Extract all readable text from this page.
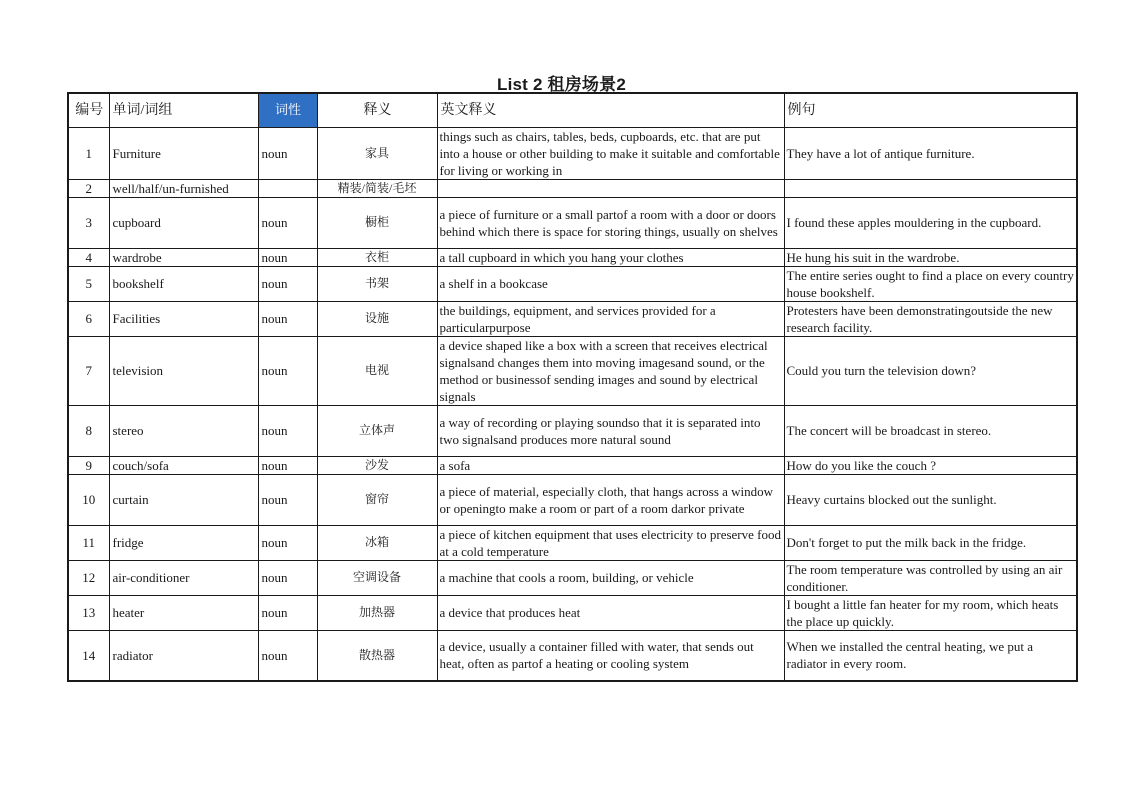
List 2 租房场景2
编号	单词/词组	词性	释义	英文释义	例句
1	Furniture	noun	家具	things such as chairs, tables, beds, cupboards, etc. that are put into a house or other building to make it suitable and comfortable for living or working in	They have a lot of antique furniture.
2	well/half/un-furnished		精装/简装/毛坯		
3	cupboard	noun	橱柜	a piece of furniture or a small partof a room with a door or doors behind which there is space for storing things, usually on shelves	I found these apples mouldering in the cupboard.
4	wardrobe	noun	衣柜	a tall cupboard in which you hang your clothes	He hung his suit in the wardrobe.
5	bookshelf	noun	书架	a shelf in a bookcase	The entire series ought to find a place on every country house bookshelf.
6	Facilities	noun	设施	the buildings, equipment, and services provided for a particularpurpose	Protesters have been demonstratingoutside the new research facility.
7	television	noun	电视	a device shaped like a box with a screen that receives electrical signalsand changes them into moving imagesand sound, or the method or businessof sending images and sound by electrical signals	Could you turn the television down?
8	stereo	noun	立体声	a way of recording or playing soundso that it is separated into two signalsand produces more natural sound	The concert will be broadcast in stereo.
9	couch/sofa	noun	沙发	a sofa	How do you like the couch ?
10	curtain	noun	窗帘	a piece of material, especially cloth, that hangs across a window or openingto make a room or part of a room darkor private	Heavy curtains blocked out the sunlight.
11	fridge	noun	冰箱	a piece of kitchen equipment that uses electricity to preserve food at a cold temperature	Don't forget to put the milk back in the fridge.
12	air-conditioner	noun	空调设备	a machine that cools a room, building, or vehicle	The room temperature was controlled by using an air conditioner.
13	heater	noun	加热器	a device that produces heat	I bought a little fan heater for my room, which heats the place up quickly.
14	radiator	noun	散热器	a device, usually a container filled with water, that sends out heat, often as partof a heating or cooling system	When we installed the central heating, we put a radiator in every room.
